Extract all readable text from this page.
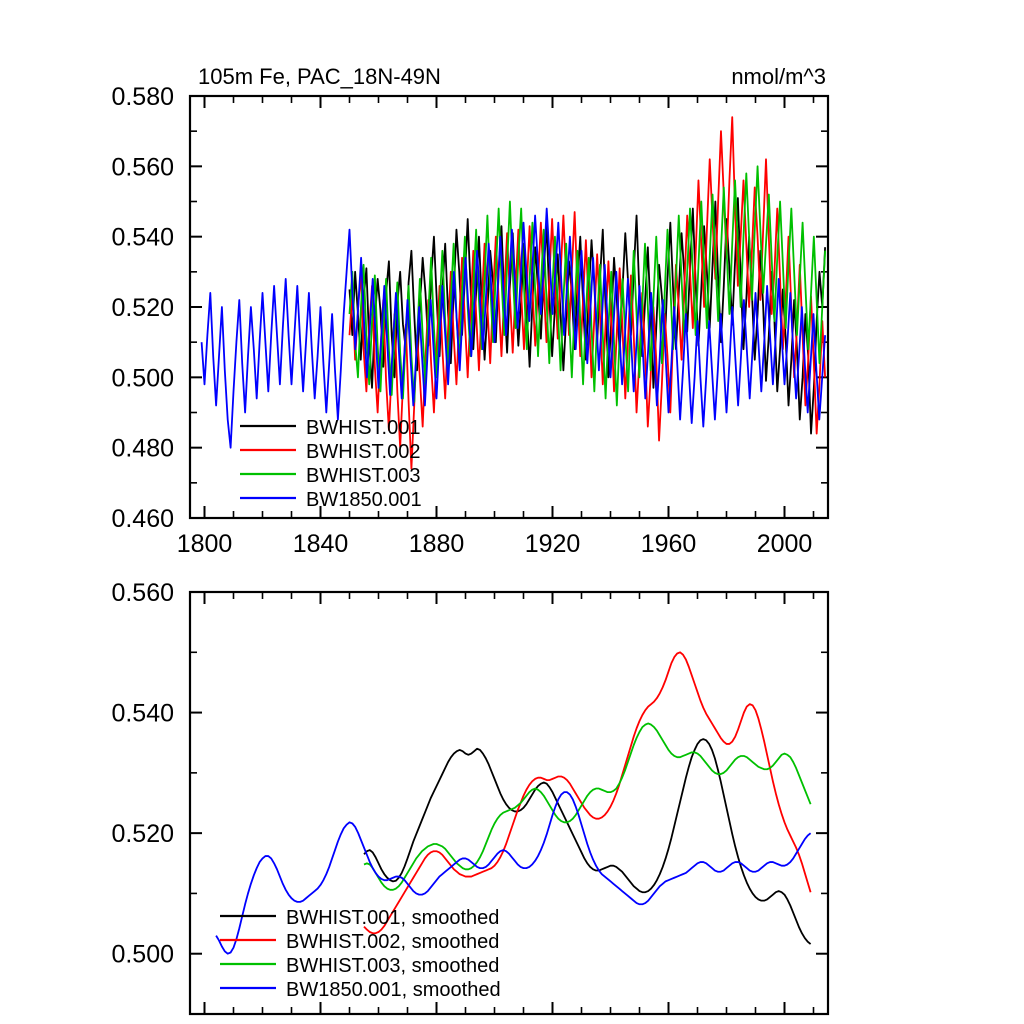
1800 1840 1880 1920 1960 2000
0.460
0.480
0.500
0.520
0.540
0.560
0.580
105m Fe, PAC_18N-49N	nmol/m^3
BWHIST.001
BWHIST.002
BWHIST.003
BW1850.001
0.500
0.520
0.540
0.560
BWHIST.001, smoothed
BWHIST.002, smoothed
BWHIST.003, smoothed
BW1850.001, smoothed
